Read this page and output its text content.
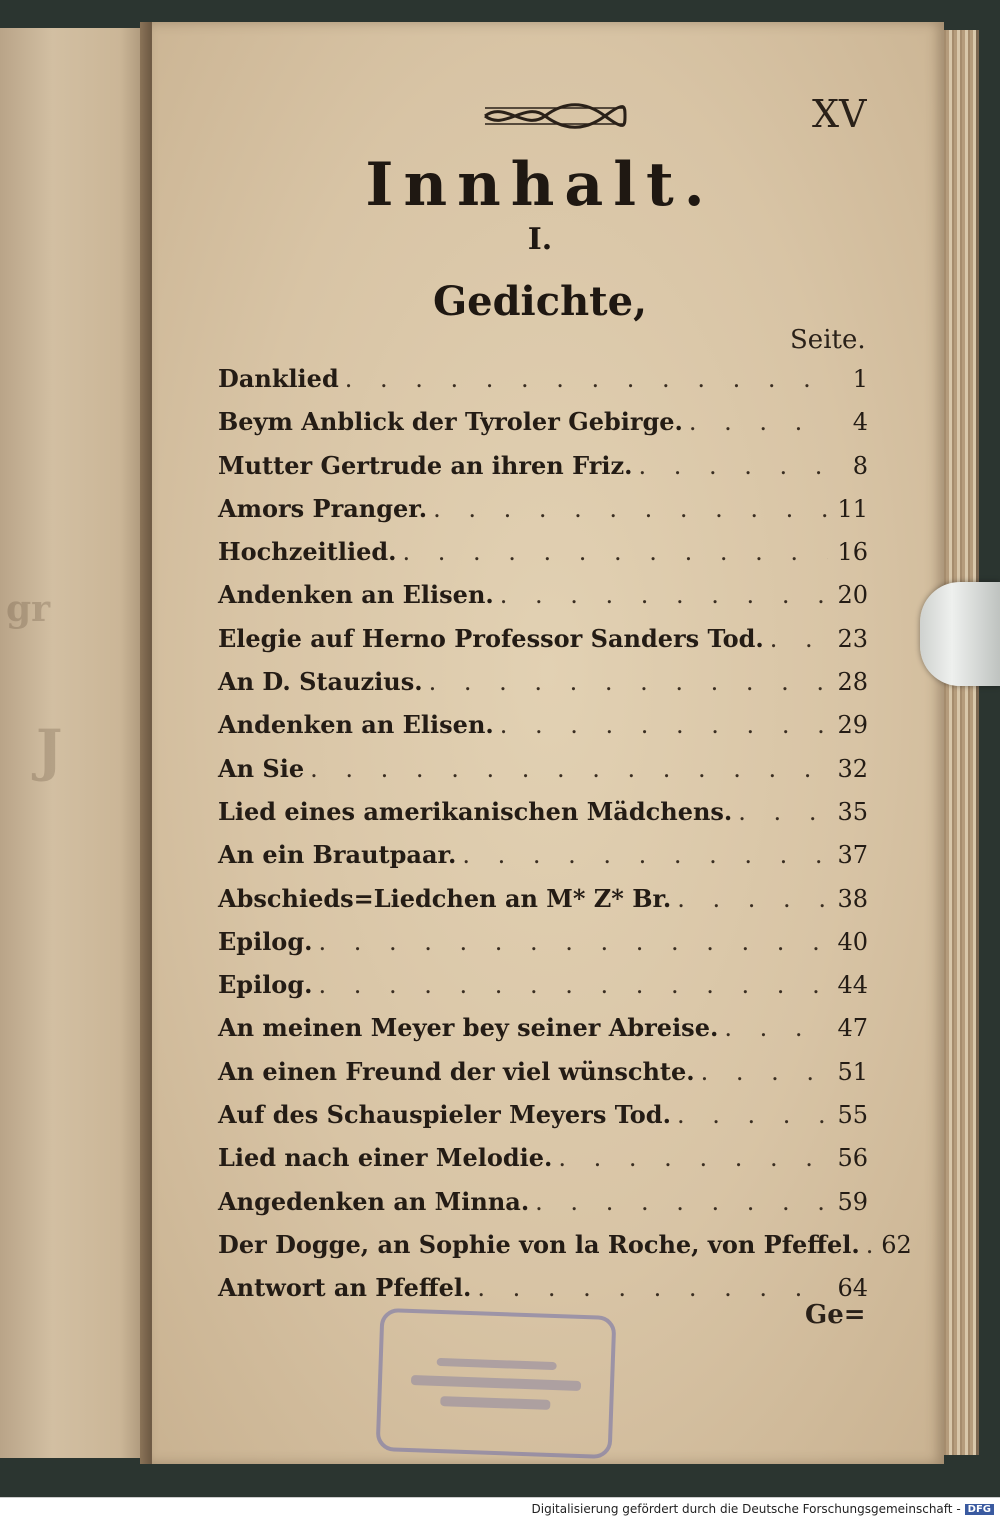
gr
J
XV
Innhalt.
I.
Gedichte,
Seite.
Danklied . . .	1
Beym Anblick der Tyroler Gebirge. . . .	4
Mutter Gertrude an ihren Friz. . . .	8
Amors Pranger. . . .	11
Hochzeitlied. . . .	16
Andenken an Elisen. . . .	20
Elegie auf Herno Professor Sanders Tod. . . .	23
An D. Stauzius. . . .	28
Andenken an Elisen. . . .	29
An Sie . . .	32
Lied eines amerikanischen Mädchens. . . .	35
An ein Brautpaar. . . .	37
Abschieds=Liedchen an M* Z* Br. . . .	38
Epilog. . . .	40
Epilog. . . .	44
An meinen Meyer bey seiner Abreise. . . .	47
An einen Freund der viel wünschte. . . .	51
Auf des Schauspieler Meyers Tod. . . .	55
Lied nach einer Melodie. . . .	56
Angedenken an Minna. . . .	59
Der Dogge, an Sophie von la Roche, von Pfeffel. . . . 62
Antwort an Pfeffel. . . .	64
Ge=
Digitalisierung gefördert durch die Deutsche Forschungsgemeinschaft - DFG
